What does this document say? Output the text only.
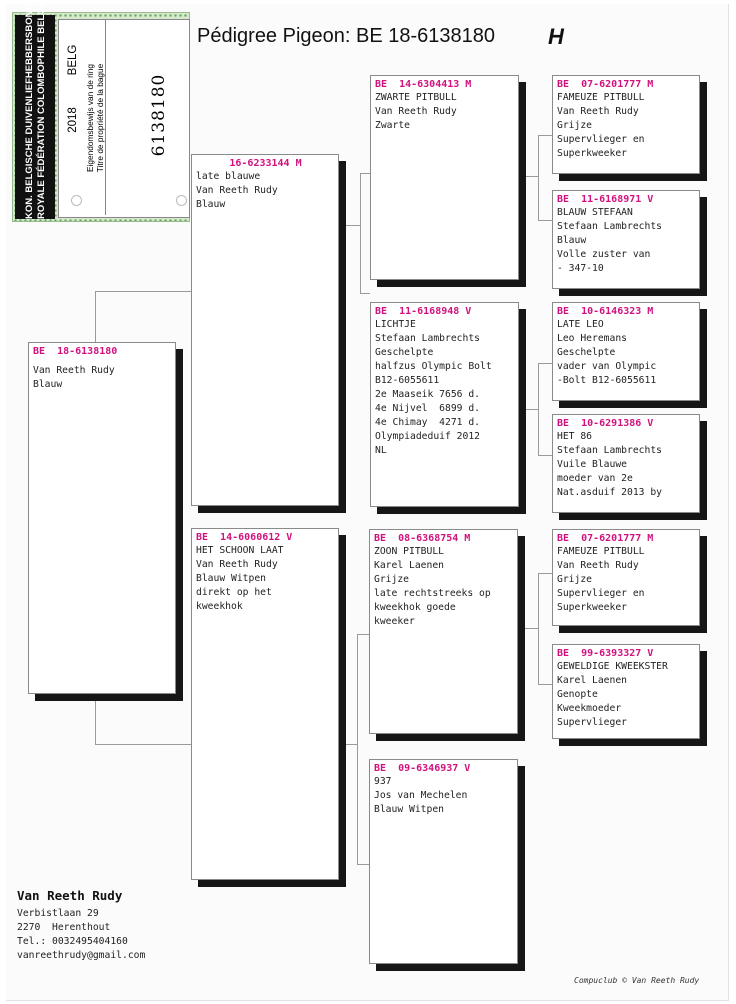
Pédigree Pigeon: BE 18-6138180 H
KON. BELGISCHE DUIVENLIEFHEBBERSBOND ROYALE FÉDÉRATION COLOMBOPHILE BELGE BELG
2018 Eigendomsbewijs van de ring Titre de propriété de la bague	6138180
BE  18-6138180
Van Reeth Rudy
Blauw
16-6233144 M
late blauwe
Van Reeth Rudy
Blauw
BE  14-6060612 V
HET SCHOON LAAT
Van Reeth Rudy
Blauw Witpen
direkt op het
kweekhok
BE  14-6304413 M
ZWARTE PITBULL
Van Reeth Rudy
Zwarte
BE  11-6168948 V
LICHTJE
Stefaan Lambrechts
Geschelpte
halfzus Olympic Bolt
B12-6055611
2e Maaseik 7656 d.
4e Nijvel  6899 d.
4e Chimay  4271 d.
Olympiadeduif 2012
NL
BE  08-6368754 M
ZOON PITBULL
Karel Laenen
Grijze
late rechtstreeks op
kweekhok goede
kweeker
BE  09-6346937 V
937
Jos van Mechelen
Blauw Witpen
BE  07-6201777 M
FAMEUZE PITBULL
Van Reeth Rudy
Grijze
Supervlieger en
Superkweeker
BE  11-6168971 V
BLAUW STEFAAN
Stefaan Lambrechts
Blauw
Volle zuster van
- 347-10
BE  10-6146323 M
LATE LEO
Leo Heremans
Geschelpte
vader van Olympic
-Bolt B12-6055611
BE  10-6291386 V
HET 86
Stefaan Lambrechts
Vuile Blauwe
moeder van 2e
Nat.asduif 2013 by
BE  07-6201777 M
FAMEUZE PITBULL
Van Reeth Rudy
Grijze
Supervlieger en
Superkweeker
BE  99-6393327 V
GEWELDIGE KWEEKSTER
Karel Laenen
Genopte
Kweekmoeder
Supervlieger
Van Reeth Rudy
Verbistlaan 29
2270  Herenthout
Tel.: 0032495404160
vanreethrudy@gmail.com
Compuclub © Van Reeth Rudy
